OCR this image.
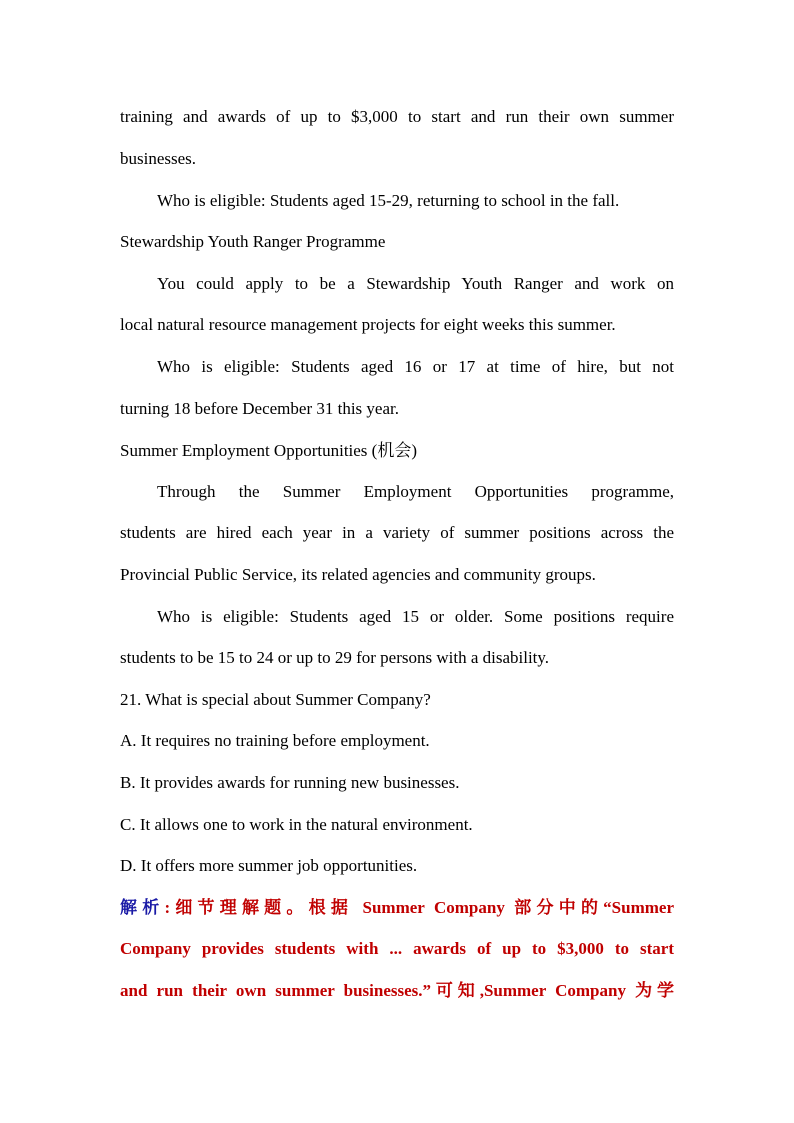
training and awards of up to $3,000 to start and run their own summer
businesses.
Who is eligible: Students aged 15-29, returning to school in the fall.
Stewardship Youth Ranger Programme
You could apply to be a Stewardship Youth Ranger and work on
local natural resource management projects for eight weeks this summer.
Who is eligible: Students aged 16 or 17 at time of hire, but not
turning 18 before December 31 this year.
Summer Employment Opportunities (机会)
Through the Summer Employment Opportunities programme,
students are hired each year in a variety of summer positions across the
Provincial Public Service, its related agencies and community groups.
Who is eligible: Students aged 15 or older. Some positions require
students to be 15 to 24 or up to 29 for persons with a disability.
21. What is special about Summer Company?
A. It requires no training before employment.
B. It provides awards for running new businesses.
C. It allows one to work in the natural environment.
D. It offers more summer job opportunities.
解析:细节理解题。根据 Summer Company 部分中的“Summer
Company provides students with ... awards of up to $3,000 to start
and run their own summer businesses.”可知,Summer Company 为学
